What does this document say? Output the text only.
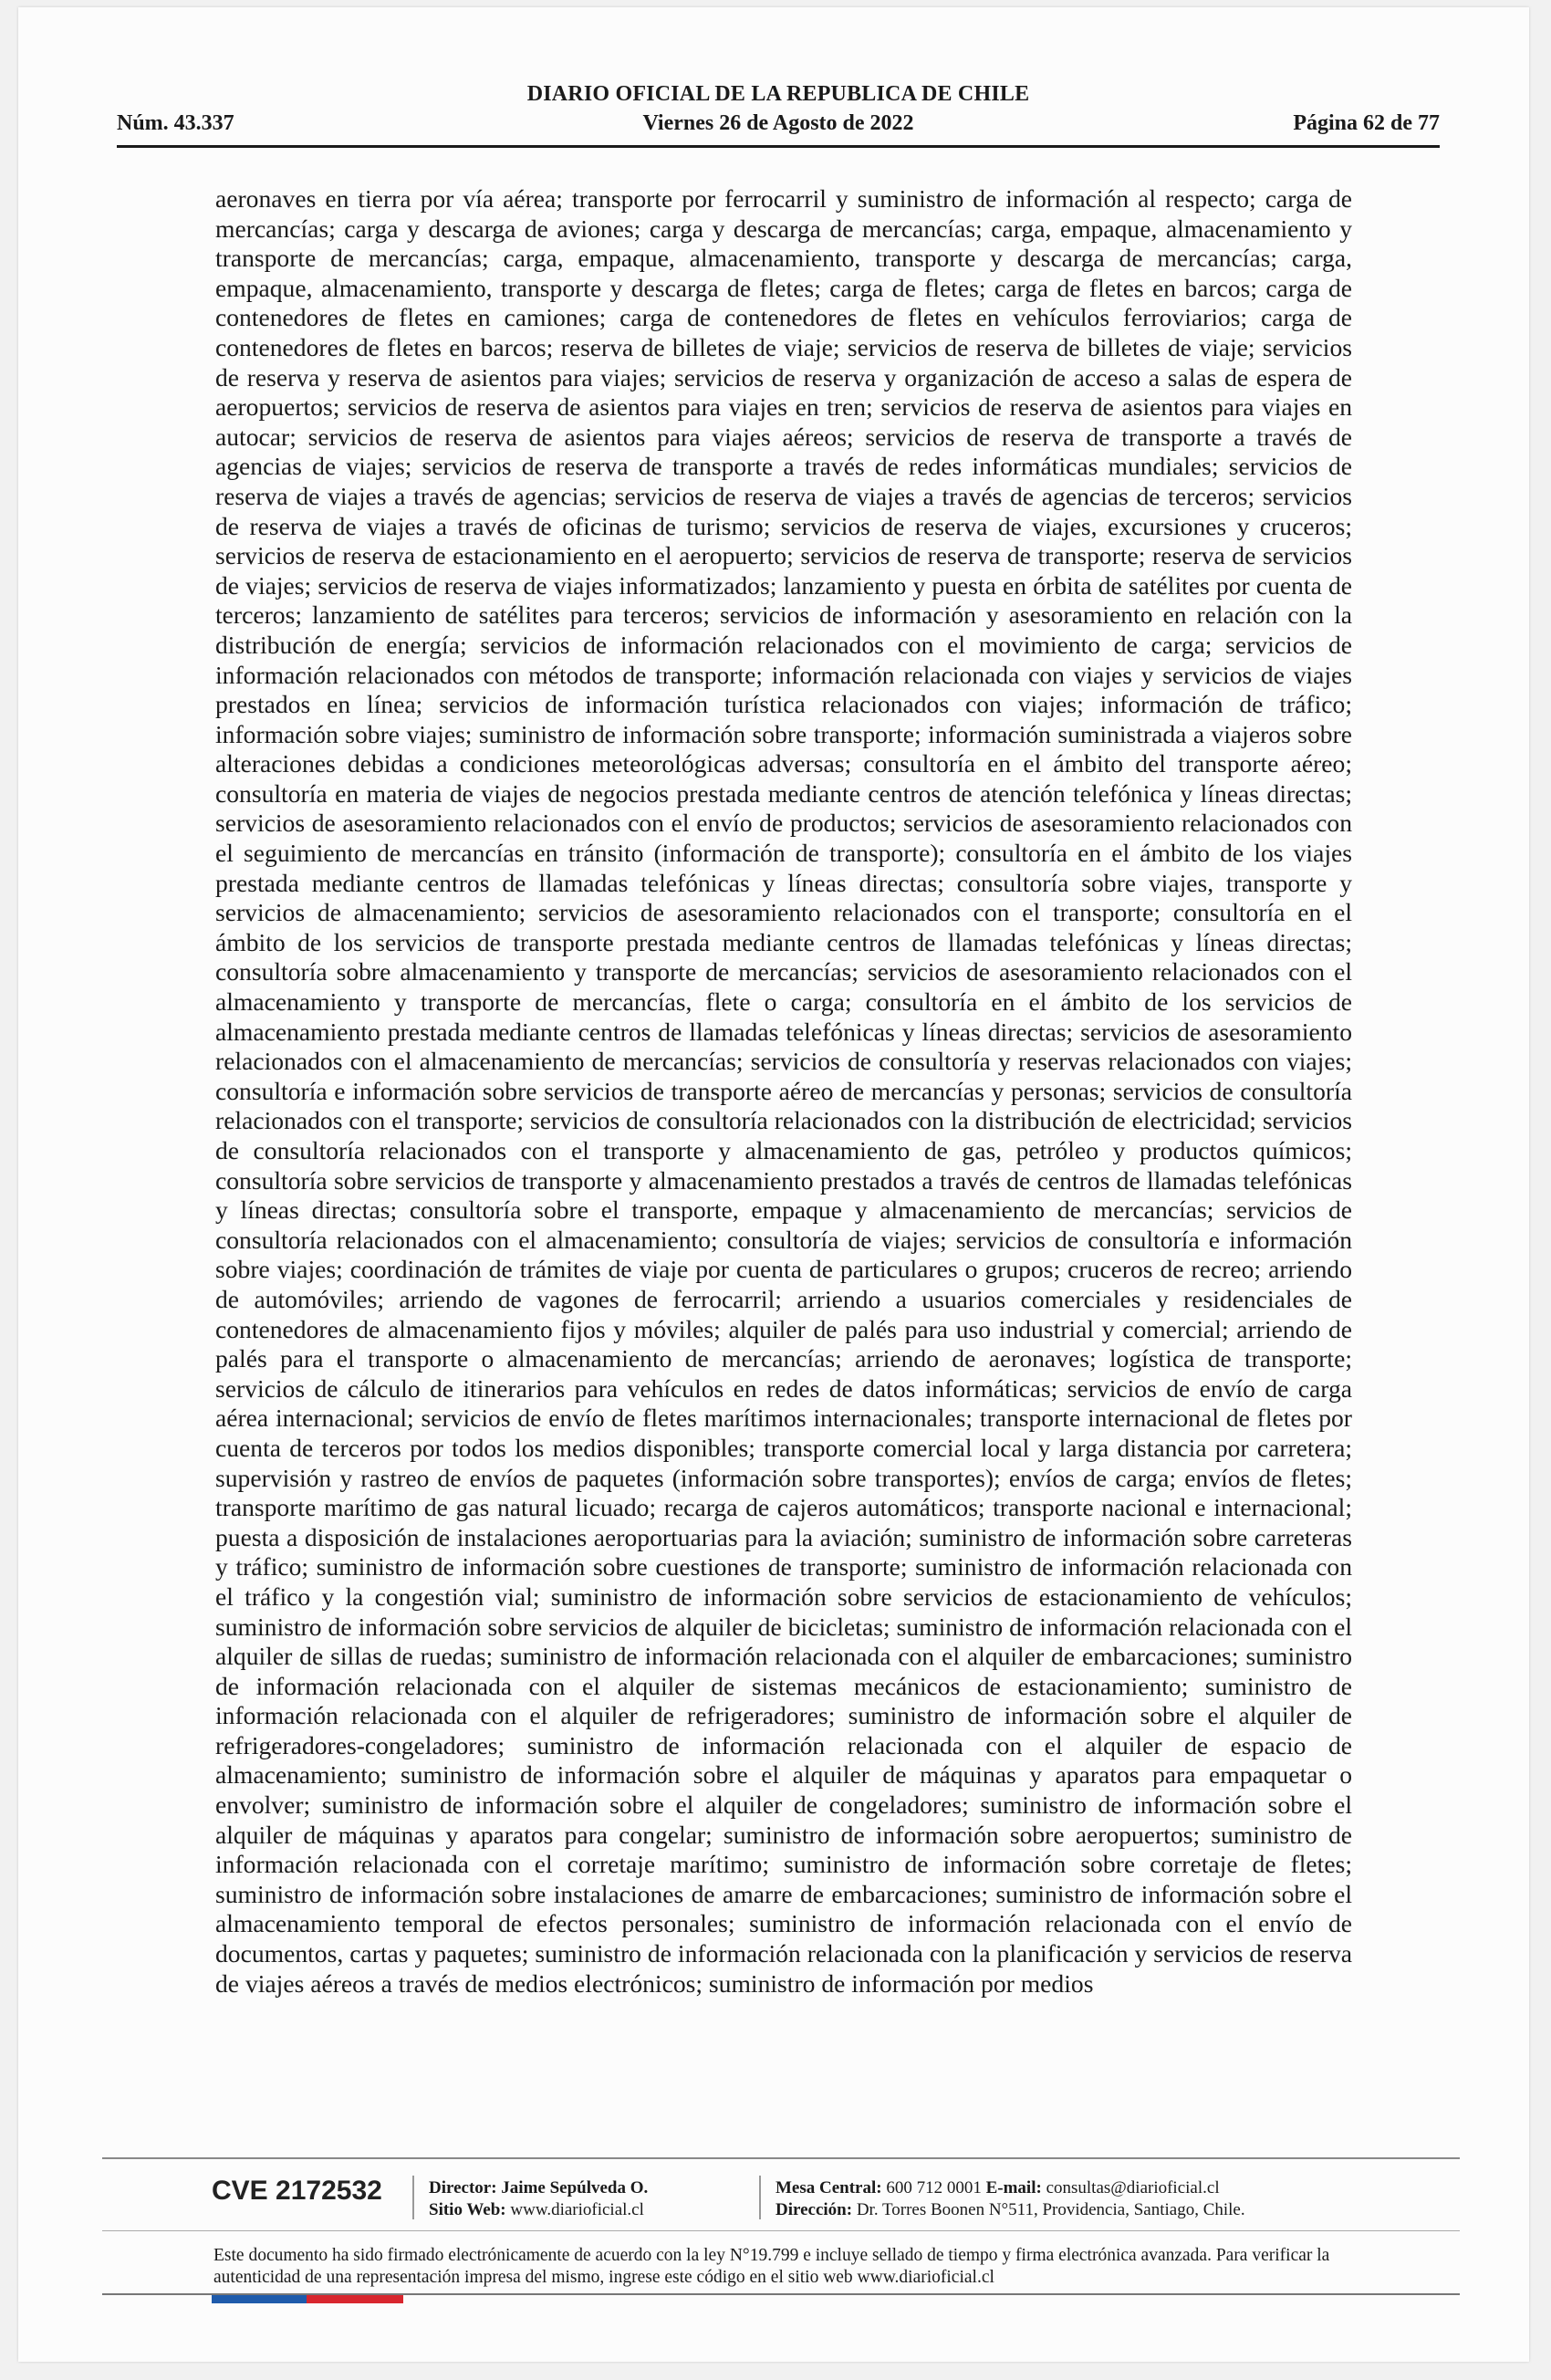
DIARIO OFICIAL DE LA REPUBLICA DE CHILE
Núm. 43.337	Viernes 26 de Agosto de 2022	Página 62 de 77
aeronaves en tierra por vía aérea; transporte por ferrocarril y suministro de información al respecto; carga de mercancías; carga y descarga de aviones; carga y descarga de mercancías; carga, empaque, almacenamiento y transporte de mercancías; carga, empaque, almacenamiento, transporte y descarga de mercancías; carga, empaque, almacenamiento, transporte y descarga de fletes; carga de fletes; carga de fletes en barcos; carga de contenedores de fletes en camiones; carga de contenedores de fletes en vehículos ferroviarios; carga de contenedores de fletes en barcos; reserva de billetes de viaje; servicios de reserva de billetes de viaje; servicios de reserva y reserva de asientos para viajes; servicios de reserva y organización de acceso a salas de espera de aeropuertos; servicios de reserva de asientos para viajes en tren; servicios de reserva de asientos para viajes en autocar; servicios de reserva de asientos para viajes aéreos; servicios de reserva de transporte a través de agencias de viajes; servicios de reserva de transporte a través de redes informáticas mundiales; servicios de reserva de viajes a través de agencias; servicios de reserva de viajes a través de agencias de terceros; servicios de reserva de viajes a través de oficinas de turismo; servicios de reserva de viajes, excursiones y cruceros; servicios de reserva de estacionamiento en el aeropuerto; servicios de reserva de transporte; reserva de servicios de viajes; servicios de reserva de viajes informatizados; lanzamiento y puesta en órbita de satélites por cuenta de terceros; lanzamiento de satélites para terceros; servicios de información y asesoramiento en relación con la distribución de energía; servicios de información relacionados con el movimiento de carga; servicios de información relacionados con métodos de transporte; información relacionada con viajes y servicios de viajes prestados en línea; servicios de información turística relacionados con viajes; información de tráfico; información sobre viajes; suministro de información sobre transporte; información suministrada a viajeros sobre alteraciones debidas a condiciones meteorológicas adversas; consultoría en el ámbito del transporte aéreo; consultoría en materia de viajes de negocios prestada mediante centros de atención telefónica y líneas directas; servicios de asesoramiento relacionados con el envío de productos; servicios de asesoramiento relacionados con el seguimiento de mercancías en tránsito (información de transporte); consultoría en el ámbito de los viajes prestada mediante centros de llamadas telefónicas y líneas directas; consultoría sobre viajes, transporte y servicios de almacenamiento; servicios de asesoramiento relacionados con el transporte; consultoría en el ámbito de los servicios de transporte prestada mediante centros de llamadas telefónicas y líneas directas; consultoría sobre almacenamiento y transporte de mercancías; servicios de asesoramiento relacionados con el almacenamiento y transporte de mercancías, flete o carga; consultoría en el ámbito de los servicios de almacenamiento prestada mediante centros de llamadas telefónicas y líneas directas; servicios de asesoramiento relacionados con el almacenamiento de mercancías; servicios de consultoría y reservas relacionados con viajes; consultoría e información sobre servicios de transporte aéreo de mercancías y personas; servicios de consultoría relacionados con el transporte; servicios de consultoría relacionados con la distribución de electricidad; servicios de consultoría relacionados con el transporte y almacenamiento de gas, petróleo y productos químicos; consultoría sobre servicios de transporte y almacenamiento prestados a través de centros de llamadas telefónicas y líneas directas; consultoría sobre el transporte, empaque y almacenamiento de mercancías; servicios de consultoría relacionados con el almacenamiento; consultoría de viajes; servicios de consultoría e información sobre viajes; coordinación de trámites de viaje por cuenta de particulares o grupos; cruceros de recreo; arriendo de automóviles; arriendo de vagones de ferrocarril; arriendo a usuarios comerciales y residenciales de contenedores de almacenamiento fijos y móviles; alquiler de palés para uso industrial y comercial; arriendo de palés para el transporte o almacenamiento de mercancías; arriendo de aeronaves; logística de transporte; servicios de cálculo de itinerarios para vehículos en redes de datos informáticas; servicios de envío de carga aérea internacional; servicios de envío de fletes marítimos internacionales; transporte internacional de fletes por cuenta de terceros por todos los medios disponibles; transporte comercial local y larga distancia por carretera; supervisión y rastreo de envíos de paquetes (información sobre transportes); envíos de carga; envíos de fletes; transporte marítimo de gas natural licuado; recarga de cajeros automáticos; transporte nacional e internacional; puesta a disposición de instalaciones aeroportuarias para la aviación; suministro de información sobre carreteras y tráfico; suministro de información sobre cuestiones de transporte; suministro de información relacionada con el tráfico y la congestión vial; suministro de información sobre servicios de estacionamiento de vehículos; suministro de información sobre servicios de alquiler de bicicletas; suministro de información relacionada con el alquiler de sillas de ruedas; suministro de información relacionada con el alquiler de embarcaciones; suministro de información relacionada con el alquiler de sistemas mecánicos de estacionamiento; suministro de información relacionada con el alquiler de refrigeradores; suministro de información sobre el alquiler de refrigeradores-congeladores; suministro de información relacionada con el alquiler de espacio de almacenamiento; suministro de información sobre el alquiler de máquinas y aparatos para empaquetar o envolver; suministro de información sobre el alquiler de congeladores; suministro de información sobre el alquiler de máquinas y aparatos para congelar; suministro de información sobre aeropuertos; suministro de información relacionada con el corretaje marítimo; suministro de información sobre corretaje de fletes; suministro de información sobre instalaciones de amarre de embarcaciones; suministro de información sobre el almacenamiento temporal de efectos personales; suministro de información relacionada con el envío de documentos, cartas y paquetes; suministro de información relacionada con la planificación y servicios de reserva de viajes aéreos a través de medios electrónicos; suministro de información por medios
CVE 2172532	Director: Jaime Sepúlveda O.
Sitio Web: www.diarioficial.cl
Mesa Central: 600 712 0001 E-mail: consultas@diarioficial.cl
Dirección: Dr. Torres Boonen N°511, Providencia, Santiago, Chile.
Este documento ha sido firmado electrónicamente de acuerdo con la ley N°19.799 e incluye sellado de tiempo y firma electrónica avanzada. Para verificar la autenticidad de una representación impresa del mismo, ingrese este código en el sitio web www.diarioficial.cl
